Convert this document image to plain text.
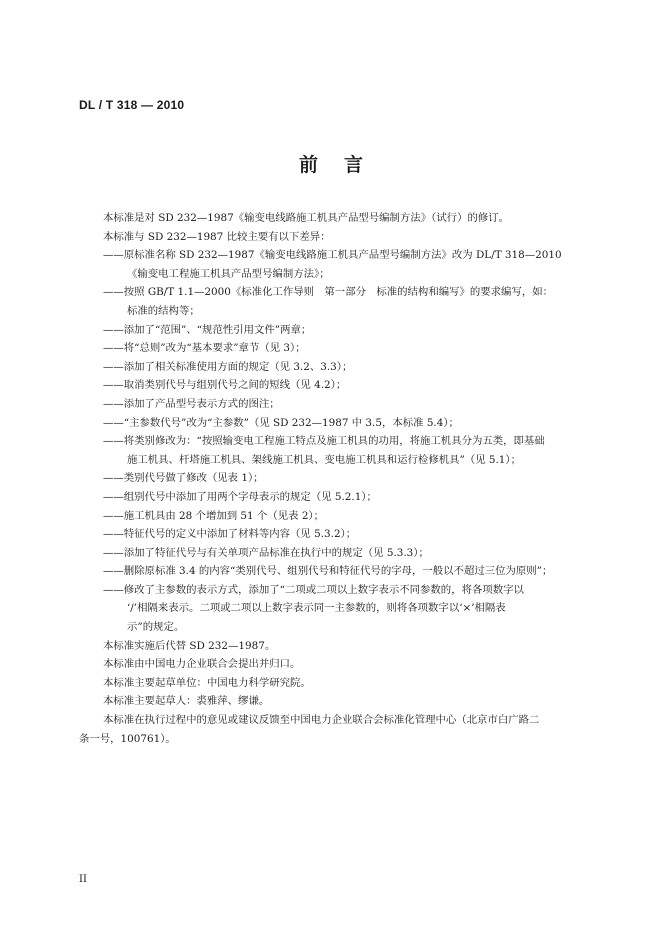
DL / T 318 — 2010
前言

本标准是对 SD 232—1987《输变电线路施工机具产品型号编制方法》（试行）的修订。

本标准与 SD 232—1987 比较主要有以下差异：

——原标准名称 SD 232—1987《输变电线路施工机具产品型号编制方法》改为 DL/T 318—2010
《输变电工程施工机具产品型号编制方法》；

——按照 GB/T 1.1—2000《标准化工作导则　第一部分　标准的结构和编写》的要求编写，如：
标准的结构等；

——添加了“范围”、“规范性引用文件”两章；

——将“总则”改为“基本要求”章节（见 3）；

——添加了相关标准使用方面的规定（见 3.2、3.3）；

——取消类别代号与组别代号之间的短线（见 4.2）；

——添加了产品型号表示方式的图注；

——“主参数代号”改为“主参数”（见 SD 232—1987 中 3.5，本标准 5.4）；

——将类别修改为：“按照输变电工程施工特点及施工机具的功用，将施工机具分为五类，即基础
施工机具、杆塔施工机具、架线施工机具、变电施工机具和运行检修机具”（见 5.1）；

——类别代号做了修改（见表 1）；

——组别代号中添加了用两个字母表示的规定（见 5.2.1）；

——施工机具由 28 个增加到 51 个（见表 2）；

——特征代号的定义中添加了材料等内容（见 5.3.2）；

——添加了特征代号与有关单项产品标准在执行中的规定（见 5.3.3）；

——删除原标准 3.4 的内容“类别代号、组别代号和特征代号的字母，一般以不超过三位为原则”；

——修改了主参数的表示方式，添加了“二项或二项以上数字表示不同参数的，将各项数字以
‘/’相隔来表示。二项或二项以上数字表示同一主参数的，则将各项数字以‘×’相隔表
示”的规定。

本标准实施后代替 SD 232—1987。

本标准由中国电力企业联合会提出并归口。

本标准主要起草单位：中国电力科学研究院。

本标准主要起草人：裘雅萍、缪谦。

本标准在执行过程中的意见或建议反馈至中国电力企业联合会标准化管理中心（北京市白广路二
条一号，100761）。

II
